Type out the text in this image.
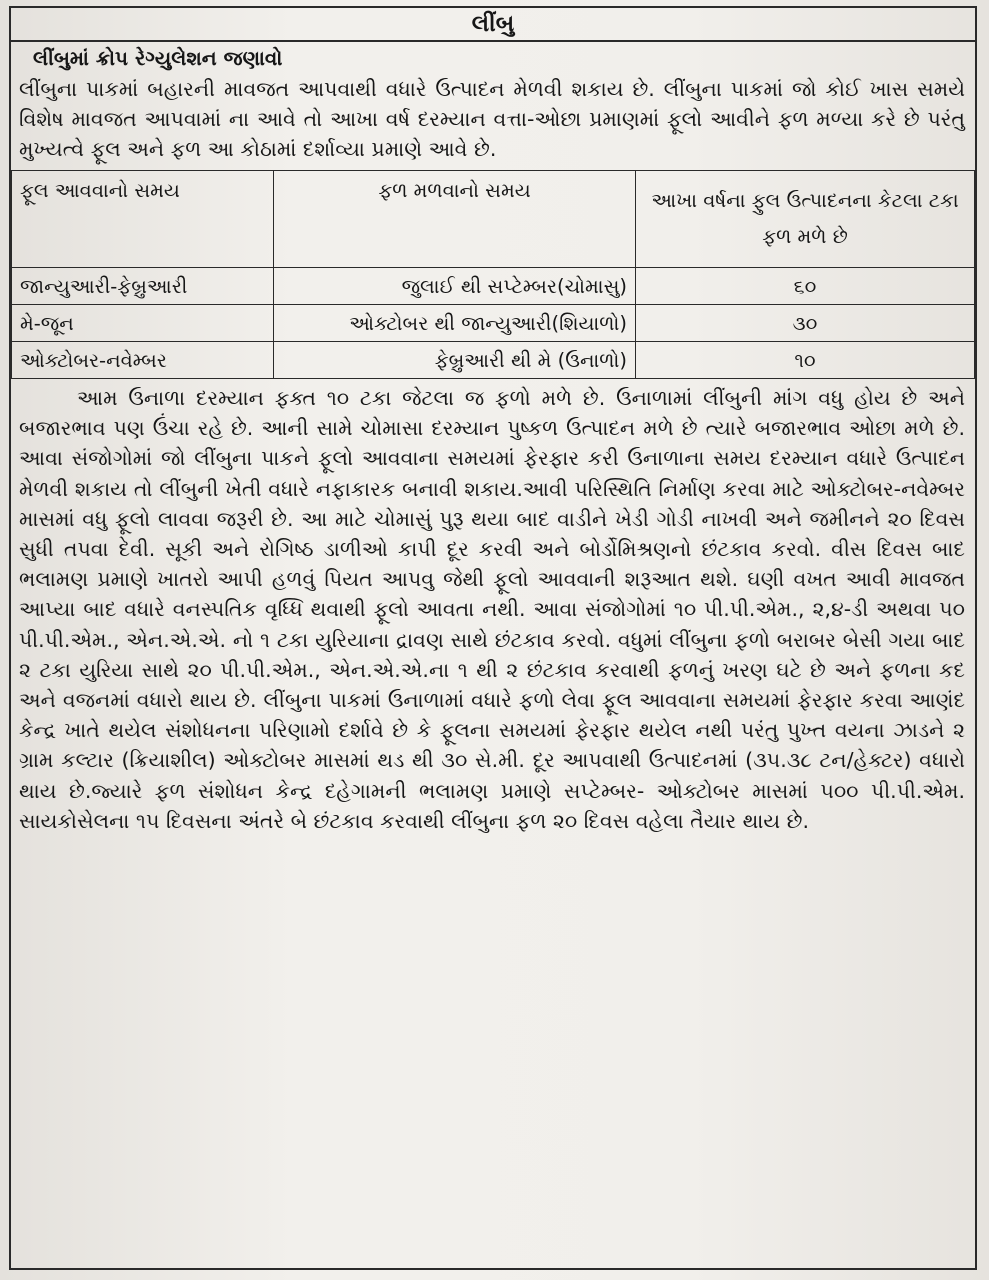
લીંબુ
લીંબુમાં ક્રોપ રેગ્યુલેશન જણાવો
લીંબુના પાકમાં બહારની માવજત આપવાથી વધારે ઉત્પાદન મેળવી શકાય છે. લીંબુના પાકમાં જો કોઈ ખાસ સમયે વિશેષ માવજત આપવામાં ના આવે તો આખા વર્ષ દરમ્યાન વત્તા-ઓછા પ્રમાણમાં ફૂલો આવીને ફળ મળ્યા કરે છે પરંતુ મુખ્યત્વે ફૂલ અને ફળ આ કોઠામાં દર્શાવ્યા પ્રમાણે આવે છે.
ફૂલ આવવાનો સમય	ફળ મળવાનો સમય	આખા વર્ષના ફુલ ઉત્પાદનના કેટલા ટકા ફળ મળે છે
જાન્યુઆરી-ફેબ્રુઆરી	જુલાઈ થી સપ્ટેમ્બર(ચોમાસુ)	૬૦
મે-જૂન	ઓક્ટોબર થી જાન્યુઆરી(શિયાળો)	૩૦
ઓક્ટોબર-નવેમ્બર	ફેબ્રુઆરી થી મે (ઉનાળો)	૧૦
આમ ઉનાળા દરમ્યાન ફક્ત ૧૦ ટકા જેટલા જ ફળો મળે છે. ઉનાળામાં લીંબુની માંગ વધુ હોય છે અને બજારભાવ પણ ઉંચા રહે છે. આની સામે ચોમાસા દરમ્યાન પુષ્કળ ઉત્પાદન મળે છે ત્યારે બજારભાવ ઓછા મળે છે. આવા સંજોગોમાં જો લીંબુના પાકને ફૂલો આવવાના સમયમાં ફેરફાર કરી ઉનાળાના સમય દરમ્યાન વધારે ઉત્પાદન મેળવી શકાય તો લીંબુની ખેતી વધારે નફાકારક બનાવી શકાય.આવી પરિસ્થિતિ નિર્માણ કરવા માટે ઓક્ટોબર-નવેમ્બર માસમાં વધુ ફૂલો લાવવા જરૂરી છે. આ માટે ચોમાસું પુરૂ થયા બાદ વાડીને ખેડી ગોડી નાખવી અને જમીનને ૨૦ દિવસ સુધી તપવા દેવી. સૂકી અને રોગિષ્ઠ ડાળીઓ કાપી દૂર કરવી અને બોર્ડોમિશ્રણનો છંટકાવ કરવો. વીસ દિવસ બાદ ભલામણ પ્રમાણે ખાતરો આપી હળવું પિયત આપવુ જેથી ફૂલો આવવાની શરૂઆત થશે. ઘણી વખત આવી માવજત આપ્યા બાદ વધારે વનસ્પતિક વૃધ્ધિ થવાથી ફૂલો આવતા નથી. આવા સંજોગોમાં ૧૦ પી.પી.એમ., ૨,૪-ડી અથવા ૫૦ પી.પી.એમ., એન.એ.એ. નો ૧ ટકા યુરિયાના દ્રાવણ સાથે છંટકાવ કરવો. વધુમાં લીંબુના ફળો બરાબર બેસી ગયા બાદ ૨ ટકા યુરિયા સાથે ૨૦ પી.પી.એમ., એન.એ.એ.ના ૧ થી ૨ છંટકાવ કરવાથી ફળનું ખરણ ઘટે છે અને ફળના કદ અને વજનમાં વધારો થાય છે. લીંબુના પાકમાં ઉનાળામાં વધારે ફળો લેવા ફૂલ આવવાના સમયમાં ફેરફાર કરવા આણંદ કેન્દ્ર ખાતે થયેલ સંશોધનના પરિણામો દર્શાવે છે કે ફૂલના સમયમાં ફેરફાર થયેલ નથી પરંતુ પુખ્ત વયના ઝાડને ૨ ગ્રામ કલ્ટાર (ક્રિયાશીલ) ઓક્ટોબર માસમાં થડ થી ૩૦ સે.મી. દૂર આપવાથી ઉત્પાદનમાં (૩૫.૩૮ ટન/હેક્ટર) વધારો થાય છે.જ્યારે ફળ સંશોધન કેન્દ્ર દહેગામની ભલામણ પ્રમાણે સપ્ટેમ્બર- ઓક્ટોબર માસમાં ૫૦૦ પી.પી.એમ. સાયકોસેલના ૧૫ દિવસના અંતરે બે છંટકાવ કરવાથી લીંબુના ફળ ૨૦ દિવસ વહેલા તૈયાર થાય છે.
